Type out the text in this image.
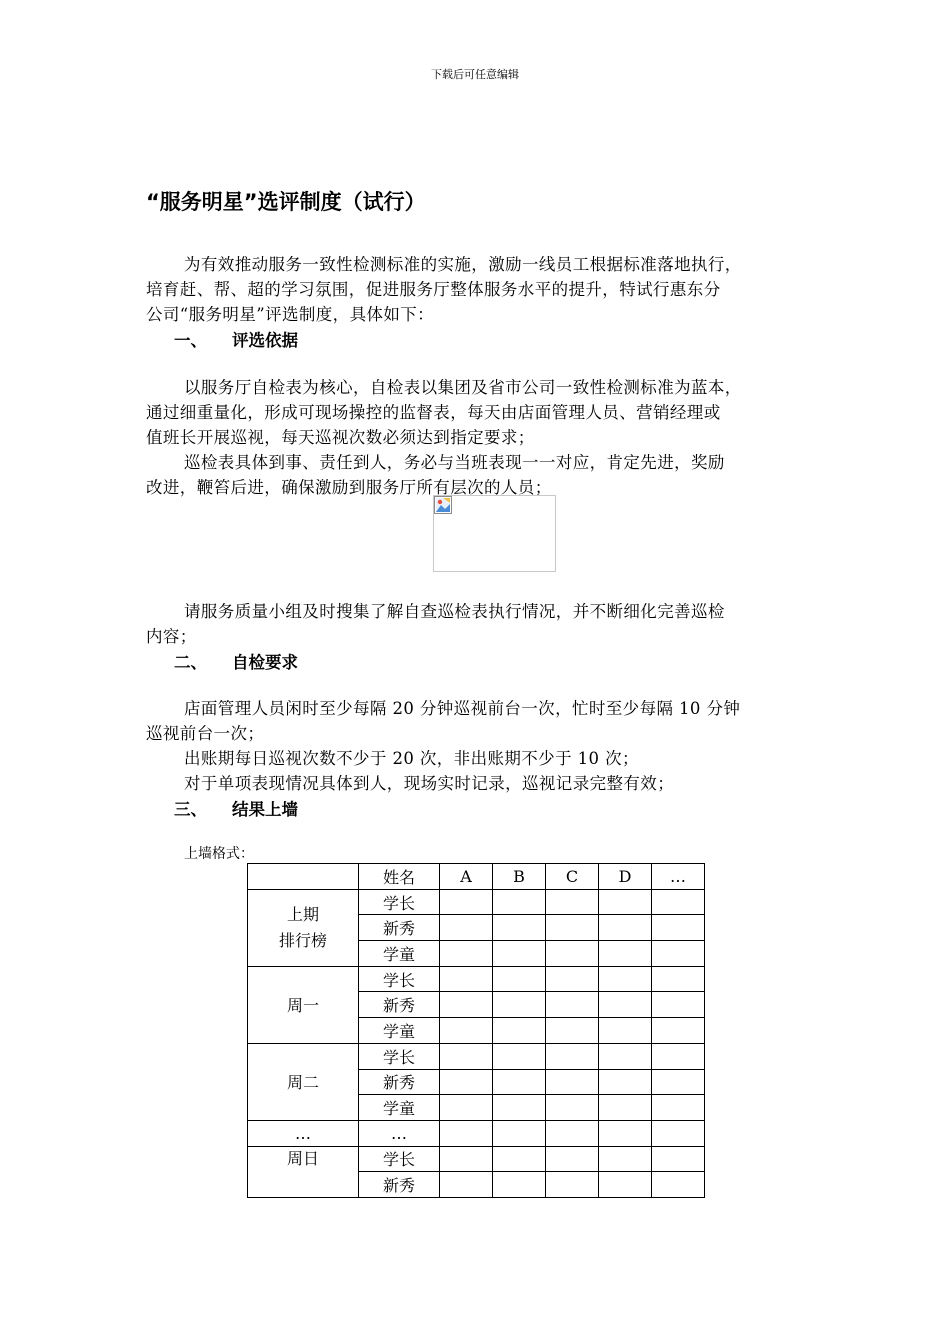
下载后可任意编辑
“服务明星”选评制度（试行）
为有效推动服务一致性检测标准的实施，激励一线员工根据标准落地执行，
培育赶、帮、超的学习氛围，促进服务厅整体服务水平的提升，特试行惠东分
公司“服务明星”评选制度，具体如下：
一、 评选依据
以服务厅自检表为核心，自检表以集团及省市公司一致性检测标准为蓝本，
通过细重量化，形成可现场操控的监督表，每天由店面管理人员、营销经理或
值班长开展巡视，每天巡视次数必须达到指定要求；
巡检表具体到事、责任到人，务必与当班表现一一对应，肯定先进，奖励
改进，鞭笞后进，确保激励到服务厅所有层次的人员；
请服务质量小组及时搜集了解自查巡检表执行情况，并不断细化完善巡检
内容；
二、 自检要求
店面管理人员闲时至少每隔 20 分钟巡视前台一次，忙时至少每隔 10 分钟
巡视前台一次；
出账期每日巡视次数不少于 20 次，非出账期不少于 10 次；
对于单项表现情况具体到人，现场实时记录，巡视记录完整有效；
三、 结果上墙
上墙格式：
	姓名	A	B	C	D	…

上期
排行榜	学长					
	新秀					
	学童					
周一	学长					
	新秀					
	学童					
周二	学长					
	新秀					
	学童					
…	…					
周日	学长					
	新秀					
